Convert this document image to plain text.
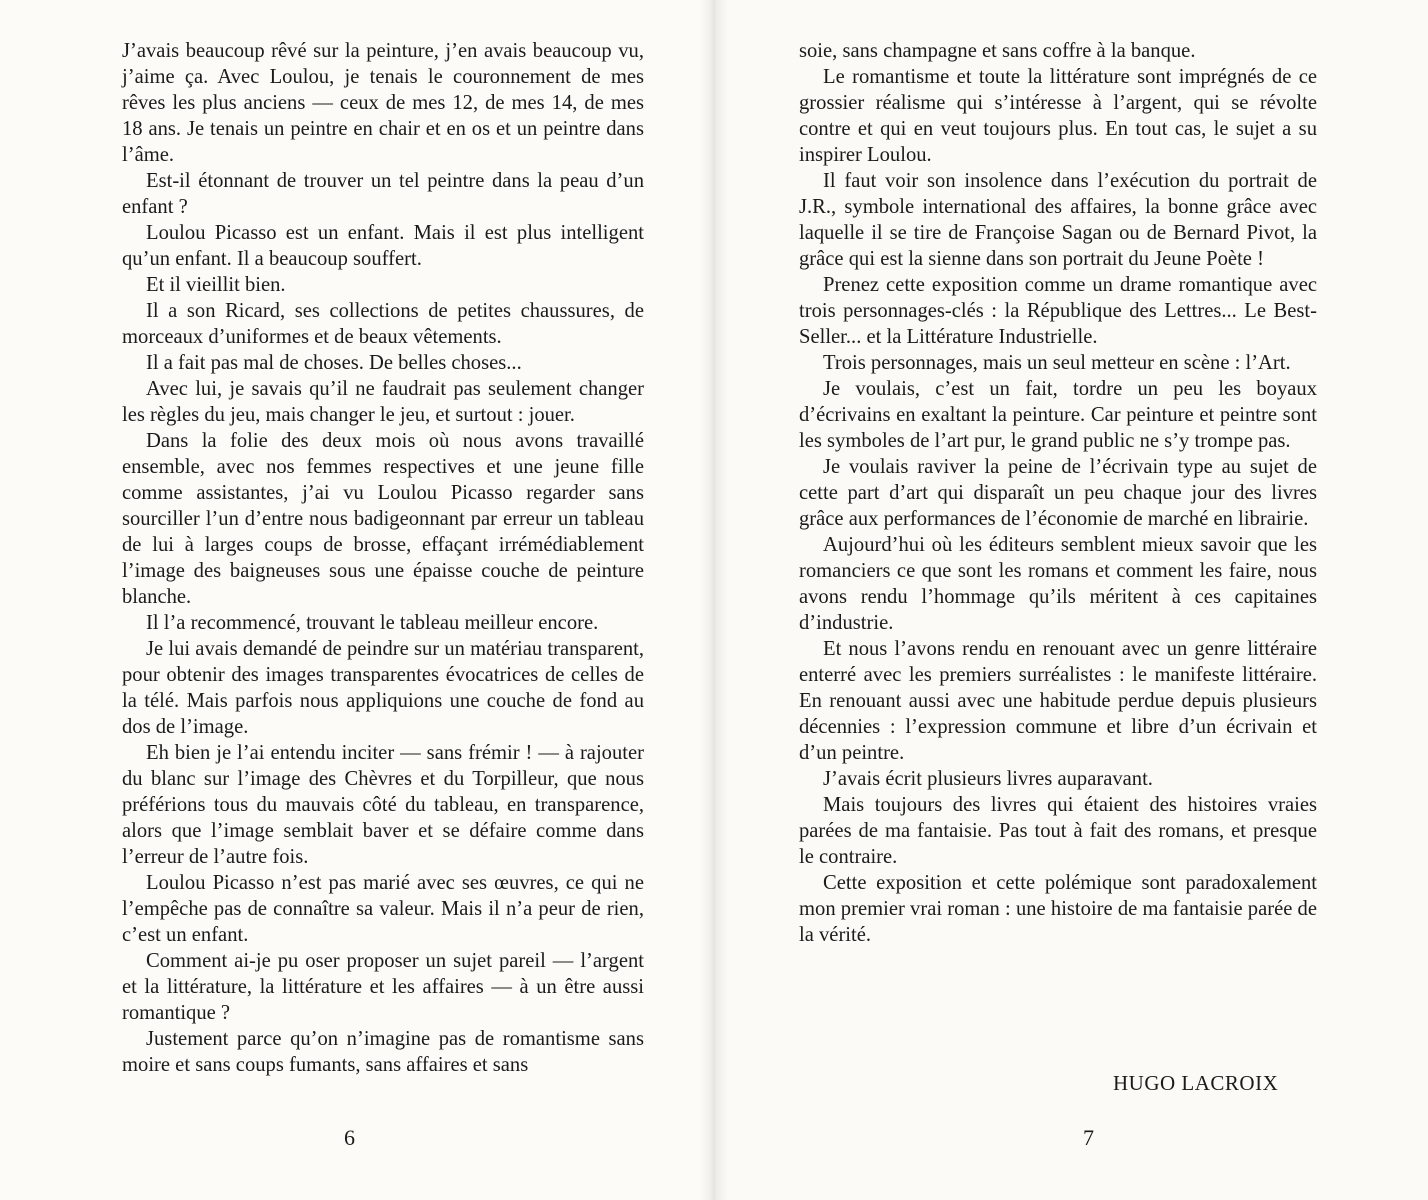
J’avais beaucoup rêvé sur la peinture, j’en avais beaucoup vu, j’aime ça. Avec Loulou, je tenais le couronnement de mes rêves les plus anciens — ceux de mes 12, de mes 14, de mes 18 ans. Je tenais un peintre en chair et en os et un peintre dans l’âme.

Est-il étonnant de trouver un tel peintre dans la peau d’un enfant ?

Loulou Picasso est un enfant. Mais il est plus intelligent qu’un enfant. Il a beaucoup souffert.

Et il vieillit bien.

Il a son Ricard, ses collections de petites chaussures, de morceaux d’uniformes et de beaux vêtements.

Il a fait pas mal de choses. De belles choses...

Avec lui, je savais qu’il ne faudrait pas seulement changer les règles du jeu, mais changer le jeu, et surtout : jouer.

Dans la folie des deux mois où nous avons travaillé ensemble, avec nos femmes respectives et une jeune fille comme assistantes, j’ai vu Loulou Picasso regarder sans sourciller l’un d’entre nous badigeonnant par erreur un tableau de lui à larges coups de brosse, effaçant irrémédiablement l’image des baigneuses sous une épaisse couche de peinture blanche.

Il l’a recommencé, trouvant le tableau meilleur encore.

Je lui avais demandé de peindre sur un matériau transparent, pour obtenir des images transparentes évocatrices de celles de la télé. Mais parfois nous appliquions une couche de fond au dos de l’image.

Eh bien je l’ai entendu inciter — sans frémir ! — à rajouter du blanc sur l’image des Chèvres et du Torpilleur, que nous préférions tous du mauvais côté du tableau, en transparence, alors que l’image semblait baver et se défaire comme dans l’erreur de l’autre fois.

Loulou Picasso n’est pas marié avec ses œuvres, ce qui ne l’empêche pas de connaître sa valeur. Mais il n’a peur de rien, c’est un enfant.

Comment ai-je pu oser proposer un sujet pareil — l’argent et la littérature, la littérature et les affaires — à un être aussi romantique ?

Justement parce qu’on n’imagine pas de romantisme sans moire et sans coups fumants, sans affaires et sans

6

soie, sans champagne et sans coffre à la banque.

Le romantisme et toute la littérature sont imprégnés de ce grossier réalisme qui s’intéresse à l’argent, qui se révolte contre et qui en veut toujours plus. En tout cas, le sujet a su inspirer Loulou.

Il faut voir son insolence dans l’exécution du portrait de J.R., symbole international des affaires, la bonne grâce avec laquelle il se tire de Françoise Sagan ou de Bernard Pivot, la grâce qui est la sienne dans son portrait du Jeune Poète !

Prenez cette exposition comme un drame romantique avec trois personnages-clés : la République des Lettres... Le Best-Seller... et la Littérature Industrielle.

Trois personnages, mais un seul metteur en scène : l’Art.

Je voulais, c’est un fait, tordre un peu les boyaux d’écrivains en exaltant la peinture. Car peinture et peintre sont les symboles de l’art pur, le grand public ne s’y trompe pas.

Je voulais raviver la peine de l’écrivain type au sujet de cette part d’art qui disparaît un peu chaque jour des livres grâce aux performances de l’économie de marché en librairie.

Aujourd’hui où les éditeurs semblent mieux savoir que les romanciers ce que sont les romans et comment les faire, nous avons rendu l’hommage qu’ils méritent à ces capitaines d’industrie.

Et nous l’avons rendu en renouant avec un genre littéraire enterré avec les premiers surréalistes : le manifeste littéraire. En renouant aussi avec une habitude perdue depuis plusieurs décennies : l’expression commune et libre d’un écrivain et d’un peintre.

J’avais écrit plusieurs livres auparavant.

Mais toujours des livres qui étaient des histoires vraies parées de ma fantaisie. Pas tout à fait des romans, et presque le contraire.

Cette exposition et cette polémique sont paradoxalement mon premier vrai roman : une histoire de ma fantaisie parée de la vérité.

HUGO LACROIX
7
